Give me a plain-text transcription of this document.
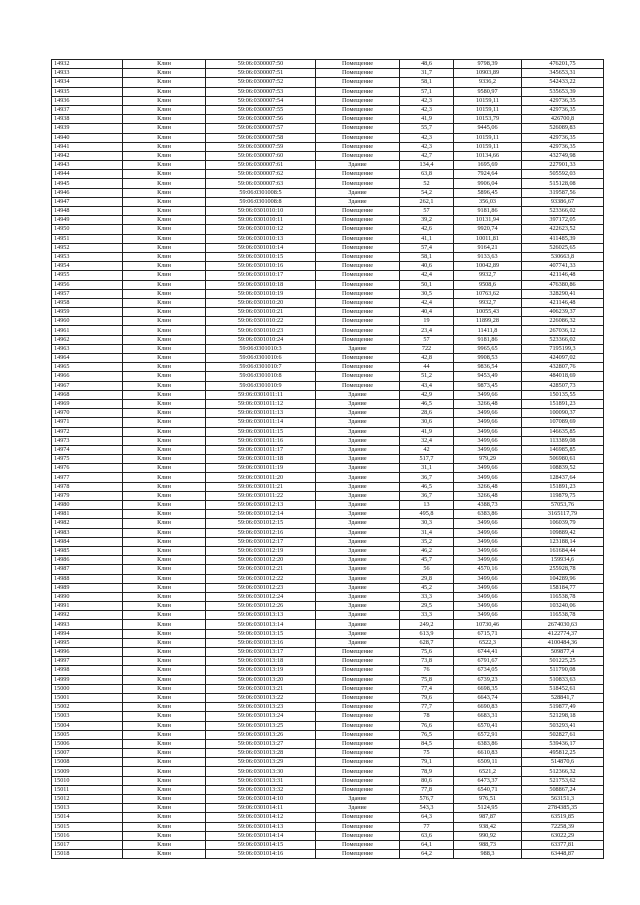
14932	Клин	59:06:0300007:50	Помещение	48,6	9798,39	476201,75
14933	Клин	59:06:0300007:51	Помещение	31,7	10903,89	345653,31
14934	Клин	59:06:0300007:52	Помещение	58,1	9336,2	542433,22
14935	Клин	59:06:0300007:53	Помещение	57,1	9580,97	535653,39
14936	Клин	59:06:0300007:54	Помещение	42,3	10159,11	429736,35
14937	Клин	59:06:0300007:55	Помещение	42,3	10159,11	429736,35
14938	Клин	59:06:0300007:56	Помещение	41,9	10153,79	426700,8
14939	Клин	59:06:0300007:57	Помещение	55,7	9445,06	526089,83
14940	Клин	59:06:0300007:58	Помещение	42,3	10159,11	429736,35
14941	Клин	59:06:0300007:59	Помещение	42,3	10159,11	429736,35
14942	Клин	59:06:0300007:60	Помещение	42,7	10134,66	432749,98
14943	Клин	59:06:0300007:61	Здание	134,4	1695,69	227901,33
14944	Клин	59:06:0300007:62	Помещение	63,8	7924,64	505592,03
14945	Клин	59:06:0300007:63	Помещение	52	9906,04	515128,08
14946	Клин	59:06:0301008:5	Здание	54,2	5896,45	319587,56
14947	Клин	59:06:0301008:8	Здание	262,1	356,03	93386,67
14948	Клин	59:06:0301010:10	Помещение	57	9181,86	523366,02
14949	Клин	59:06:0301010:11	Помещение	39,2	10131,94	397172,05
14950	Клин	59:06:0301010:12	Помещение	42,6	9920,74	422623,52
14951	Клин	59:06:0301010:13	Помещение	41,1	10011,81	411485,39
14952	Клин	59:06:0301010:14	Помещение	57,4	9164,21	526025,65
14953	Клин	59:06:0301010:15	Помещение	58,1	9133,63	530663,8
14954	Клин	59:06:0301010:16	Помещение	40,6	10042,89	407741,33
14955	Клин	59:06:0301010:17	Помещение	42,4	9932,7	421146,48
14956	Клин	59:06:0301010:18	Помещение	50,1	9508,6	476380,86
14957	Клин	59:06:0301010:19	Помещение	30,5	10763,62	328290,41
14958	Клин	59:06:0301010:20	Помещение	42,4	9932,7	421146,48
14959	Клин	59:06:0301010:21	Помещение	40,4	10055,43	406239,37
14960	Клин	59:06:0301010:22	Помещение	19	11899,28	226086,32
14961	Клин	59:06:0301010:23	Помещение	23,4	11411,8	267036,12
14962	Клин	59:06:0301010:24	Помещение	57	9181,86	523366,02
14963	Клин	59:06:0301010:3	Здание	722	9965,65	7195199,3
14964	Клин	59:06:0301010:6	Помещение	42,8	9908,53	424097,02
14965	Клин	59:06:0301010:7	Помещение	44	9836,54	432807,76
14966	Клин	59:06:0301010:8	Помещение	51,2	9453,49	484018,69
14967	Клин	59:06:0301010:9	Помещение	43,4	9873,45	428507,73
14968	Клин	59:06:0301011:11	Здание	42,9	3499,66	150135,55
14969	Клин	59:06:0301011:12	Здание	46,5	3266,48	151891,23
14970	Клин	59:06:0301011:13	Здание	28,6	3499,66	100090,37
14971	Клин	59:06:0301011:14	Здание	30,6	3499,66	107089,69
14972	Клин	59:06:0301011:15	Здание	41,9	3499,66	146635,85
14973	Клин	59:06:0301011:16	Здание	32,4	3499,66	113389,08
14974	Клин	59:06:0301011:17	Здание	42	3499,66	146985,85
14975	Клин	59:06:0301011:18	Здание	517,7	979,29	506980,61
14976	Клин	59:06:0301011:19	Здание	31,1	3499,66	108839,52
14977	Клин	59:06:0301011:20	Здание	36,7	3499,66	128437,64
14978	Клин	59:06:0301011:21	Здание	46,5	3266,48	151891,23
14979	Клин	59:06:0301011:22	Здание	36,7	3266,48	119879,75
14980	Клин	59:06:0301012:13	Здание	13	4388,73	57053,76
14981	Клин	59:06:0301012:14	Здание	495,8	6383,86	3165117,79
14982	Клин	59:06:0301012:15	Здание	30,3	3499,66	106039,79
14983	Клин	59:06:0301012:16	Здание	31,4	3499,66	109889,42
14984	Клин	59:06:0301012:17	Здание	35,2	3499,66	123188,14
14985	Клин	59:06:0301012:19	Здание	46,2	3499,66	161684,44
14986	Клин	59:06:0301012:20	Здание	45,7	3499,66	159934,6
14987	Клин	59:06:0301012:21	Здание	56	4570,16	255928,78
14988	Клин	59:06:0301012:22	Здание	29,8	3499,66	104289,96
14989	Клин	59:06:0301012:23	Здание	45,2	3499,66	158184,77
14990	Клин	59:06:0301012:24	Здание	33,3	3499,66	116538,78
14991	Клин	59:06:0301012:26	Здание	29,5	3499,66	103240,06
14992	Клин	59:06:0301013:13	Здание	33,3	3499,66	116538,78
14993	Клин	59:06:0301013:14	Здание	249,2	10730,46	2674030,63
14994	Клин	59:06:0301013:15	Здание	613,9	6715,71	4122774,37
14995	Клин	59:06:0301013:16	Здание	628,7	6522,3	4100484,36
14996	Клин	59:06:0301013:17	Помещение	75,6	6744,41	509877,4
14997	Клин	59:06:0301013:18	Помещение	73,8	6791,67	501225,25
14998	Клин	59:06:0301013:19	Помещение	76	6734,05	511790,08
14999	Клин	59:06:0301013:20	Помещение	75,8	6739,23	510833,63
15000	Клин	59:06:0301013:21	Помещение	77,4	6698,35	518452,61
15001	Клин	59:06:0301013:22	Помещение	79,6	6643,74	528841,7
15002	Клин	59:06:0301013:23	Помещение	77,7	6690,83	519877,49
15003	Клин	59:06:0301013:24	Помещение	78	6683,31	521298,18
15004	Клин	59:06:0301013:25	Помещение	76,6	6570,41	503293,41
15005	Клин	59:06:0301013:26	Помещение	76,5	6572,91	502827,61
15006	Клин	59:06:0301013:27	Помещение	84,5	6383,86	539436,17
15007	Клин	59:06:0301013:28	Помещение	75	6610,83	495812,25
15008	Клин	59:06:0301013:29	Помещение	79,1	6509,11	514870,6
15009	Клин	59:06:0301013:30	Помещение	78,9	6521,2	512366,32
15010	Клин	59:06:0301013:31	Помещение	80,6	6473,37	521753,62
15011	Клин	59:06:0301013:32	Помещение	77,8	6540,71	508867,24
15012	Клин	59:06:0301014:10	Здание	576,7	976,51	563151,3
15013	Клин	59:06:0301014:11	Здание	543,3	5124,95	2784385,35
15014	Клин	59:06:0301014:12	Помещение	64,3	987,87	63519,85
15015	Клин	59:06:0301014:13	Помещение	77	938,42	72258,39
15016	Клин	59:06:0301014:14	Помещение	63,6	990,92	63022,29
15017	Клин	59:06:0301014:15	Помещение	64,1	988,73	63377,81
15018	Клин	59:06:0301014:16	Помещение	64,2	988,3	63448,87
